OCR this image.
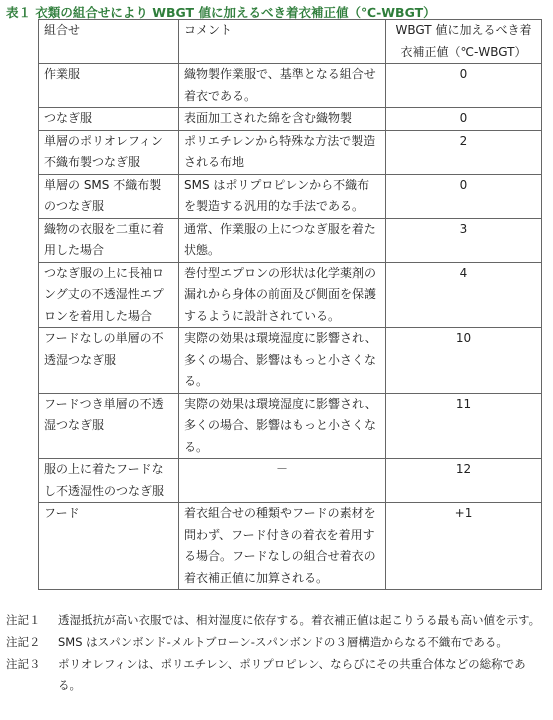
表１ 衣類の組合せにより WBGT 値に加えるべき着衣補正値（℃-WBGT）
組合せ	コメント	WBGT 値に加えるべき着衣補正値（℃-WBGT）
作業服	織物製作業服で、基準となる組合せ着衣である。	0
つなぎ服	表面加工された綿を含む織物製	0
単層のポリオレフィン不織布製つなぎ服	ポリエチレンから特殊な方法で製造される布地	2
単層の SMS 不織布製のつなぎ服	SMS はポリプロピレンから不織布を製造する汎用的な手法である。	0
織物の衣服を二重に着用した場合	通常、作業服の上につなぎ服を着た状態。	3
つなぎ服の上に長袖ロング丈の不透湿性エプロンを着用した場合	巻付型エプロンの形状は化学薬剤の漏れから身体の前面及び側面を保護するように設計されている。	4
フードなしの単層の不透湿つなぎ服	実際の効果は環境湿度に影響され、多くの場合、影響はもっと小さくなる。	10
フードつき単層の不透湿つなぎ服	実際の効果は環境湿度に影響され、多くの場合、影響はもっと小さくなる。	11
服の上に着たフードなし不透湿性のつなぎ服	－	12
フード	着衣組合せの種類やフードの素材を問わず、フード付きの着衣を着用する場合。フードなしの組合せ着衣の着衣補正値に加算される。	+1
注記１ 透湿抵抗が高い衣服では、相対湿度に依存する。着衣補正値は起こりうる最も高い値を示す。
注記２ SMS はスパンボンド-メルトブローン-スパンボンドの３層構造からなる不織布である。
注記３ ポリオレフィンは、ポリエチレン、ポリプロピレン、ならびにその共重合体などの総称である。
